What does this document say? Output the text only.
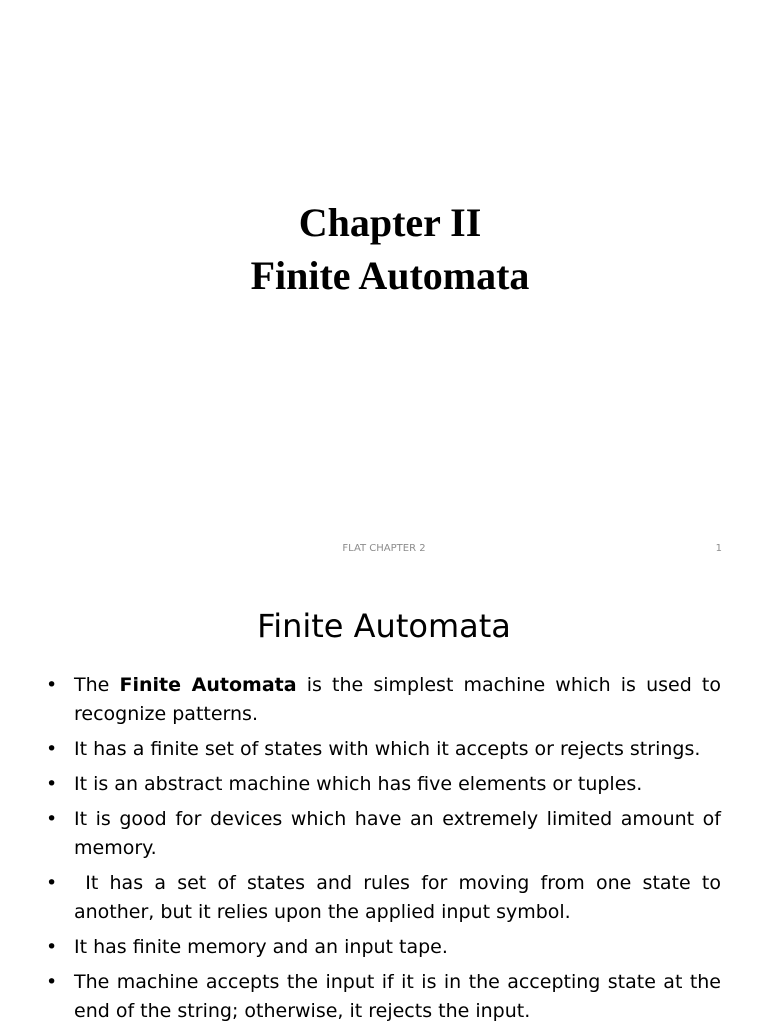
Chapter II
Finite Automata
FLAT CHAPTER 2	1
Finite Automata
• The Finite Automata is the simplest machine which is used to recognize patterns.
• It has a finite set of states with which it accepts or rejects strings.
• It is an abstract machine which has five elements or tuples.
• It is good for devices which have an extremely limited amount of memory.
• It has a set of states and rules for moving from one state to another, but it relies upon the applied input symbol.
• It has finite memory and an input tape.
• The machine accepts the input if it is in the accepting state at the end of the string; otherwise, it rejects the input.
